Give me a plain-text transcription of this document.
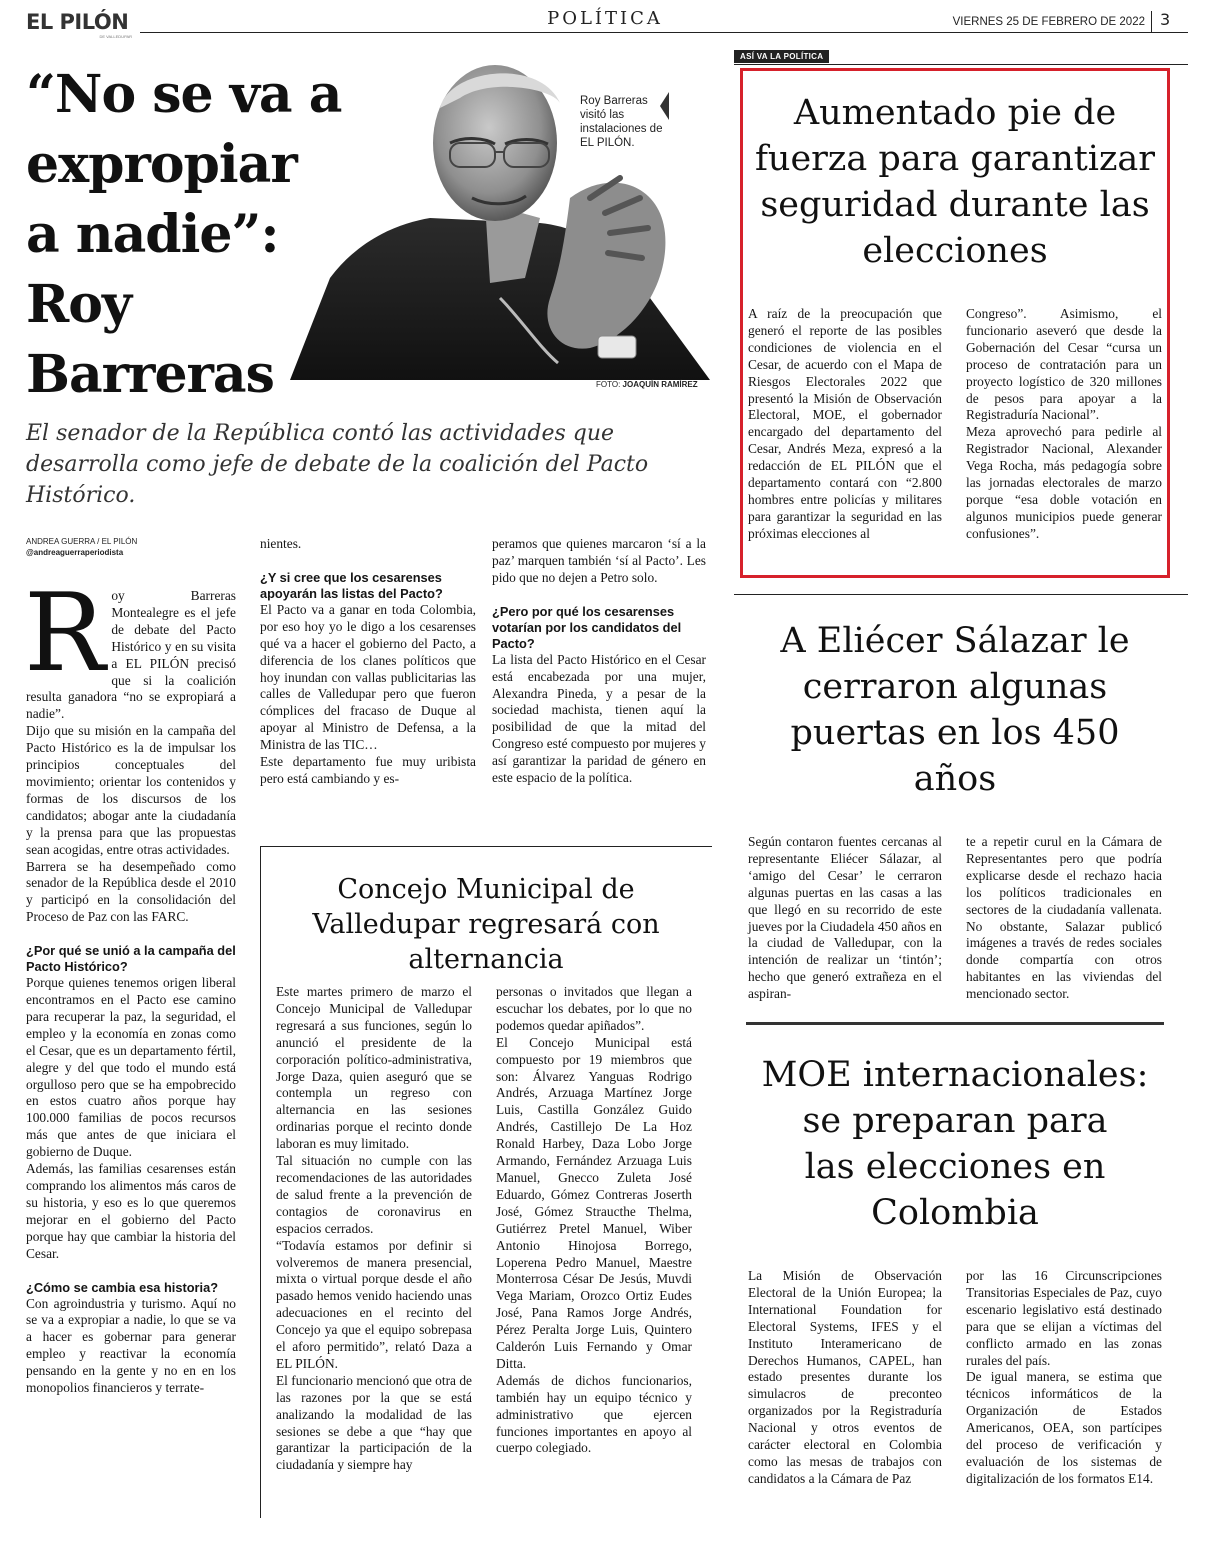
EL PILÓN
DE VALLEDUPAR
POLÍTICA	VIERNES 25 DE FEBRERO DE 2022 3
“No se va a
expropiar
a nadie”:
Roy
Barreras
Roy Barreras visitó las instalaciones de EL PILÓN.
FOTO: JOAQUÍN RAMÍREZ
El senador de la República contó las actividades que desarrolla como jefe de debate de la coalición del Pacto Histórico.
ANDREA GUERRA / EL PILÓN
@andreaguerraperiodista
R oy Barreras Montealegre es el jefe de debate del Pacto Histórico y en su visita a EL PILÓN precisó que si la coalición resulta ganadora “no se expropiará a nadie”.

Dijo que su misión en la campaña del Pacto Histórico es la de impulsar los principios conceptuales del movimiento; orientar los contenidos y formas de los discursos de los candidatos; abogar ante la ciudadanía y la prensa para que las propuestas sean acogidas, entre otras actividades.

Barrera se ha desempeñado como senador de la República desde el 2010 y participó en la consolidación del Proceso de Paz con las FARC.

¿Por qué se unió a la campaña del Pacto Histórico?

Porque quienes tenemos origen liberal encontramos en el Pacto ese camino para recuperar la paz, la seguridad, el empleo y la economía en zonas como el Cesar, que es un departamento fértil, alegre y del que todo el mundo está orgulloso pero que se ha empobrecido en estos cuatro años porque hay 100.000 familias de pocos recursos más que antes de que iniciara el gobierno de Duque.

Además, las familias cesarenses están comprando los alimentos más caros de su historia, y eso es lo que queremos mejorar en el gobierno del Pacto porque hay que cambiar la historia del Cesar.

¿Cómo se cambia esa historia?

Con agroindustria y turismo. Aquí no se va a expropiar a nadie, lo que se va a hacer es gobernar para generar empleo y reactivar la economía pensando en la gente y no en en los monopolios financieros y terrate-

nientes.

¿Y si cree que los cesarenses apoyarán las listas del Pacto?

El Pacto va a ganar en toda Colombia, por eso hoy yo le digo a los cesarenses qué va a hacer el gobierno del Pacto, a diferencia de los clanes políticos que hoy inundan con vallas publicitarias las calles de Valledupar pero que fueron cómplices del fracaso de Duque al apoyar al Ministro de Defensa, a la Ministra de las TIC…

Este departamento fue muy uribista pero está cambiando y es-

peramos que quienes marcaron ‘sí a la paz’ marquen también ‘sí al Pacto’. Les pido que no dejen a Petro solo.

¿Pero por qué los cesarenses votarían por los candidatos del Pacto?

La lista del Pacto Histórico en el Cesar está encabezada por una mujer, Alexandra Pineda, y a pesar de la sociedad machista, tienen aquí la posibilidad de que la mitad del Congreso esté compuesto por mujeres y así garantizar la paridad de género en este espacio de la política.

Concejo Municipal de
Valledupar regresará con
alternancia

Este martes primero de marzo el Concejo Municipal de Valledupar regresará a sus funciones, según lo anunció el presidente de la corporación político-administrativa, Jorge Daza, quien aseguró que se contempla un regreso con alternancia en las sesiones ordinarias porque el recinto donde laboran es muy limitado.

Tal situación no cumple con las recomendaciones de las autoridades de salud frente a la prevención de contagios de coronavirus en espacios cerrados.

“Todavía estamos por definir si volveremos de manera presencial, mixta o virtual porque desde el año pasado hemos venido haciendo unas adecuaciones en el recinto del Concejo ya que el equipo sobrepasa el aforo permitido”, relató Daza a EL PILÓN.

El funcionario mencionó que otra de las razones por la que se está analizando la modalidad de las sesiones se debe a que “hay que garantizar la participación de la ciudadanía y siempre hay

personas o invitados que llegan a escuchar los debates, por lo que no podemos quedar apiñados”.

El Concejo Municipal está compuesto por 19 miembros que son: Álvarez Yanguas Rodrigo Andrés, Arzuaga Martínez Jorge Luis, Castilla González Guido Andrés, Castillejo De La Hoz Ronald Harbey, Daza Lobo Jorge Armando, Fernández Arzuaga Luis Manuel, Gnecco Zuleta José Eduardo, Gómez Contreras Joserth José, Gómez Straucthe Thelma, Gutiérrez Pretel Manuel, Wiber Antonio Hinojosa Borrego, Loperena Pedro Manuel, Maestre Monterrosa César De Jesús, Muvdi Vega Mariam, Orozco Ortiz Eudes José, Pana Ramos Jorge Andrés, Pérez Peralta Jorge Luis, Quintero Calderón Luis Fernando y Omar Ditta.

Además de dichos funcionarios, también hay un equipo técnico y administrativo que ejercen funciones importantes en apoyo al cuerpo colegiado.

ASÍ VA LA POLÍTICA
Aumentado pie de
fuerza para garantizar
seguridad durante las
elecciones

A raíz de la preocupación que generó el reporte de las posibles condiciones de violencia en el Cesar, de acuerdo con el Mapa de Riesgos Electorales 2022 que presentó la Misión de Observación Electoral, MOE, el gobernador encargado del departamento del Cesar, Andrés Meza, expresó a la redacción de EL PILÓN que el departamento contará con “2.800 hombres entre policías y militares para garantizar la seguridad en las próximas elecciones al

Congreso”. Asimismo, el funcionario aseveró que desde la Gobernación del Cesar “cursa un proceso de contratación para un proyecto logístico de 320 millones de pesos para apoyar a la Registraduría Nacional”.

Meza aprovechó para pedirle al Registrador Nacional, Alexander Vega Rocha, más pedagogía sobre las jornadas electorales de marzo porque “esa doble votación en algunos municipios puede generar confusiones”.

A Eliécer Sálazar le
cerraron algunas
puertas en los 450
años

Según contaron fuentes cercanas al representante Eliécer Sálazar, al ‘amigo del Cesar’ le cerraron algunas puertas en las casas a las que llegó en su recorrido de este jueves por la Ciudadela 450 años en la ciudad de Valledupar, con la intención de realizar un ‘tintón’; hecho que generó extrañeza en el aspiran-

te a repetir curul en la Cámara de Representantes pero que podría explicarse desde el rechazo hacia los políticos tradicionales en sectores de la ciudadanía vallenata. No obstante, Salazar publicó imágenes a través de redes sociales donde compartía con otros habitantes en las viviendas del mencionado sector.

MOE internacionales:
se preparan para
las elecciones en
Colombia

La Misión de Observación Electoral de la Unión Europea; la International Foundation for Electoral Systems, IFES y el Instituto Interamericano de Derechos Humanos, CAPEL, han estado presentes durante los simulacros de preconteo organizados por la Registraduría Nacional y otros eventos de carácter electoral en Colombia como las mesas de trabajos con candidatos a la Cámara de Paz

por las 16 Circunscripciones Transitorias Especiales de Paz, cuyo escenario legislativo está destinado para que se elijan a víctimas del conflicto armado en las zonas rurales del país.

De igual manera, se estima que técnicos informáticos de la Organización de Estados Americanos, OEA, son partícipes del proceso de verificación y evaluación de los sistemas de digitalización de los formatos E14.
